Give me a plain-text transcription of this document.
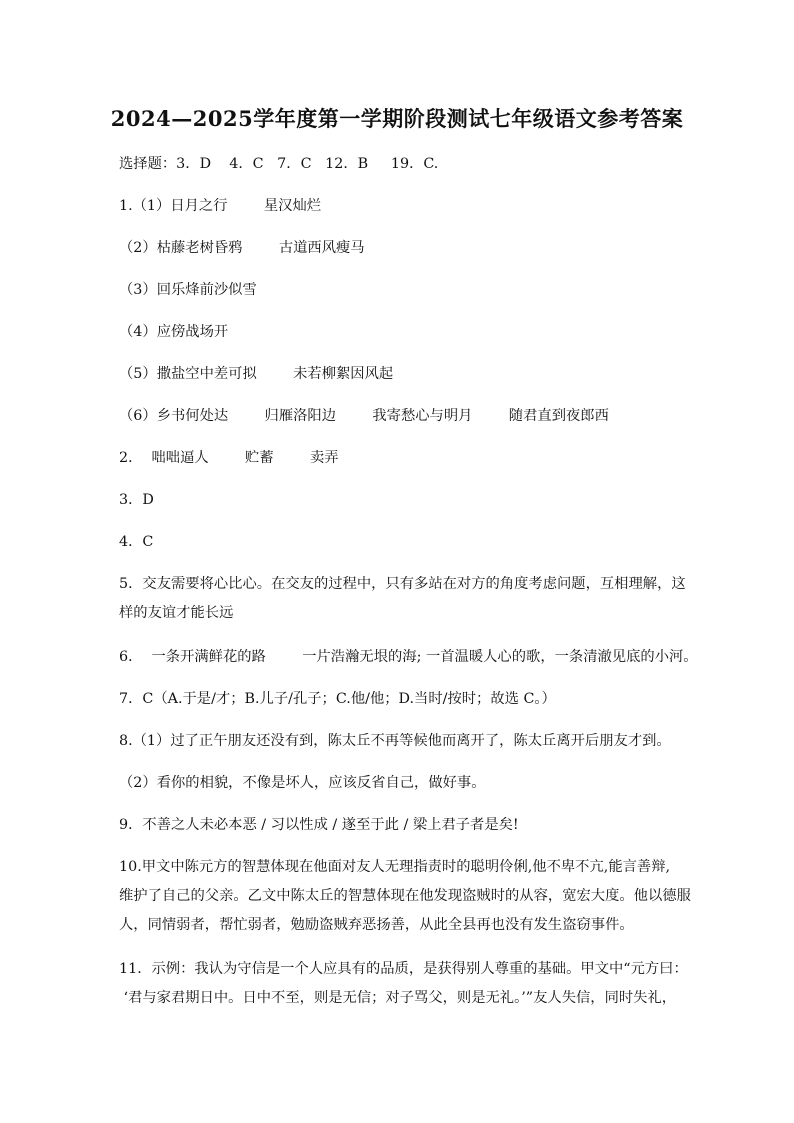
2024—2025学年度第一学期阶段测试七年级语文参考答案
选择题：3．D    4．C   7．C   12．B     19．C.
1.（1）日月之行        星汉灿烂
（2）枯藤老树昏鸦        古道西风瘦马
（3）回乐烽前沙似雪
（4）应傍战场开
（5）撒盐空中差可拟        未若柳絮因风起
（6）乡书何处达        归雁洛阳边        我寄愁心与明月        随君直到夜郎西
2．  咄咄逼人        贮蓄        卖弄
3．D
4．C
5．交友需要将心比心。在交友的过程中，只有多站在对方的角度考虑问题，互相理解，这
样的友谊才能长远
6．  一条开满鲜花的路        一片浩瀚无垠的海; 一首温暖人心的歌，一条清澈见底的小河。
7．C（A.于是/才；B.儿子/孔子；C.他/他；D.当时/按时；故选 C。）
8.（1）过了正午朋友还没有到，陈太丘不再等候他而离开了，陈太丘离开后朋友才到。
（2）看你的相貌，不像是坏人，应该反省自己，做好事。
9．不善之人未必本恶 / 习以性成 / 遂至于此 / 梁上君子者是矣!
10.甲文中陈元方的智慧体现在他面对友人无理指责时的聪明伶俐,他不卑不亢,能言善辩,
维护了自己的父亲。乙文中陈太丘的智慧体现在他发现盗贼时的从容，宽宏大度。他以德服
人，同情弱者，帮忙弱者，勉励盗贼弃恶扬善，从此全县再也没有发生盗窃事件。
11．示例：我认为守信是一个人应具有的品质，是获得别人尊重的基础。甲文中“元方曰：
‘君与家君期日中。日中不至，则是无信；对子骂父，则是无礼。’”友人失信，同时失礼，
